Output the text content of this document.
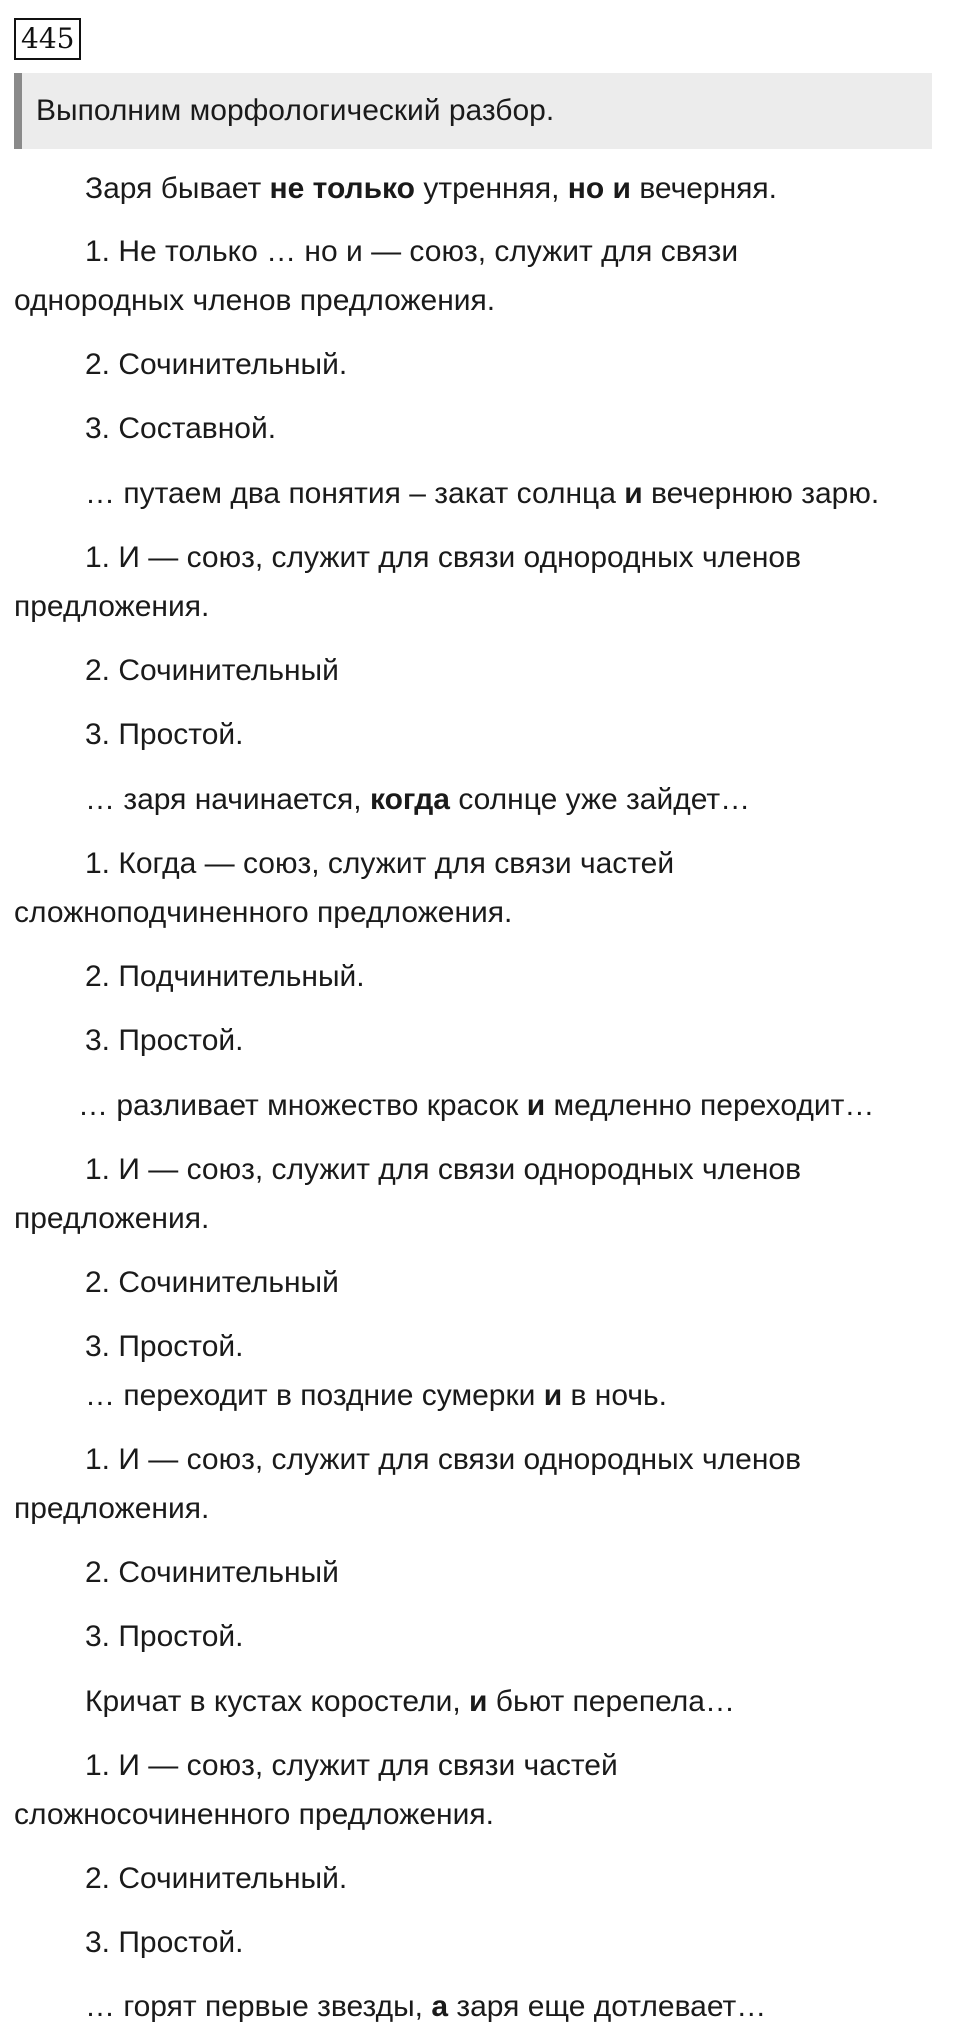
445
Выполним морфологический разбор.

Заря бывает не только утренняя, но и вечерняя.

1. Не только … но и — союз, служит для связи

однородных членов предложения.

2. Сочинительный.

3. Составной.

… путаем два понятия – закат солнца и вечернюю зарю.

1. И — союз, служит для связи однородных членов

предложения.

2. Сочинительный

3. Простой.

… заря начинается, когда солнце уже зайдет…

1. Когда — союз, служит для связи частей

сложноподчиненного предложения.

2. Подчинительный.

3. Простой.

… разливает множество красок и медленно переходит…

1. И — союз, служит для связи однородных членов

предложения.

2. Сочинительный

3. Простой.

… переходит в поздние сумерки и в ночь.

1. И — союз, служит для связи однородных членов

предложения.

2. Сочинительный

3. Простой.

Кричат в кустах коростели, и бьют перепела…

1. И — союз, служит для связи частей

сложносочиненного предложения.

2. Сочинительный.

3. Простой.

… горят первые звезды, а заря еще дотлевает…
